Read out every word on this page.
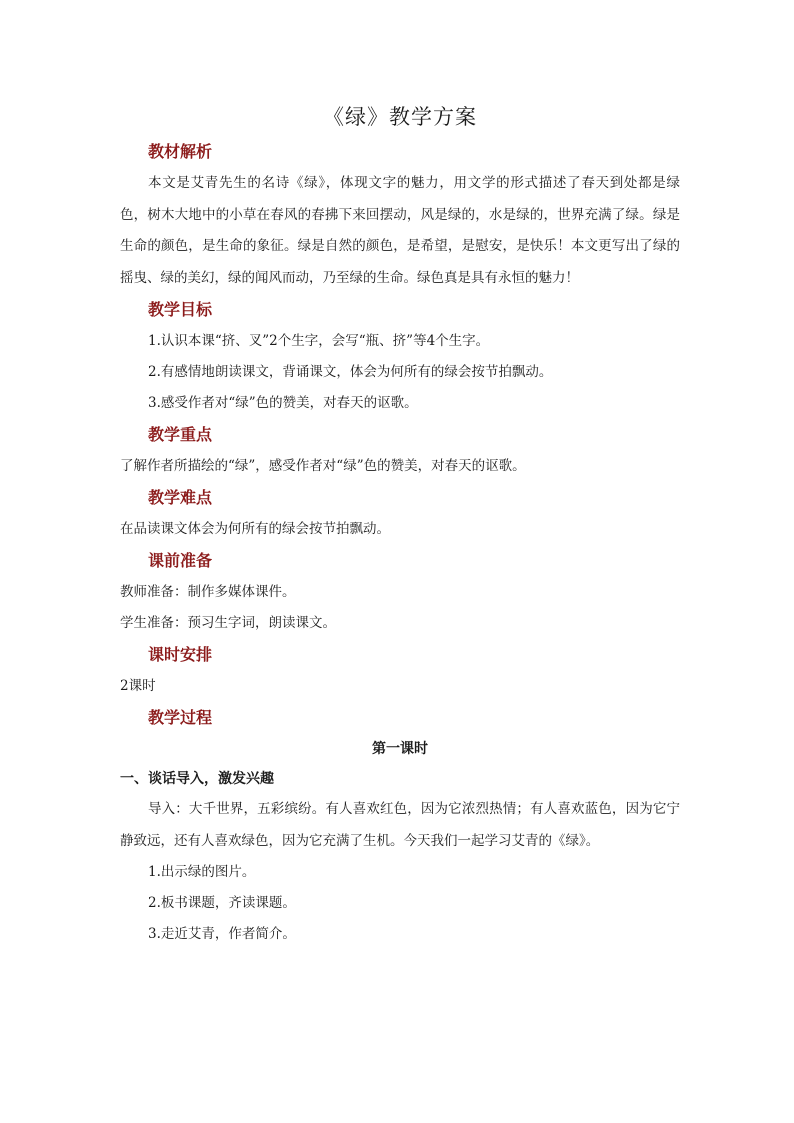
《绿》教学方案
教材解析

本文是艾青先生的名诗《绿》，体现文字的魅力，用文学的形式描述了春天到处都是绿色，树木大地中的小草在春风的春拂下来回摆动，风是绿的，水是绿的，世界充满了绿。绿是生命的颜色，是生命的象征。绿是自然的颜色，是希望，是慰安，是快乐！本文更写出了绿的摇曳、绿的美幻，绿的闻风而动，乃至绿的生命。绿色真是具有永恒的魅力！

教学目标

1.认识本课“挤、叉”2个生字，会写“瓶、挤”等4个生字。

2.有感情地朗读课文，背诵课文，体会为何所有的绿会按节拍飘动。

3.感受作者对“绿”色的赞美，对春天的讴歌。

教学重点

了解作者所描绘的“绿”，感受作者对“绿”色的赞美，对春天的讴歌。

教学难点

在品读课文体会为何所有的绿会按节拍飘动。

课前准备

教师准备：制作多媒体课件。

学生准备：预习生字词，朗读课文。

课时安排

2课时

教学过程
第一课时
一、谈话导入，激发兴趣

导入：大千世界，五彩缤纷。有人喜欢红色，因为它浓烈热情；有人喜欢蓝色，因为它宁静致远，还有人喜欢绿色，因为它充满了生机。今天我们一起学习艾青的《绿》。

1.出示绿的图片。

2.板书课题，齐读课题。

3.走近艾青，作者简介。
